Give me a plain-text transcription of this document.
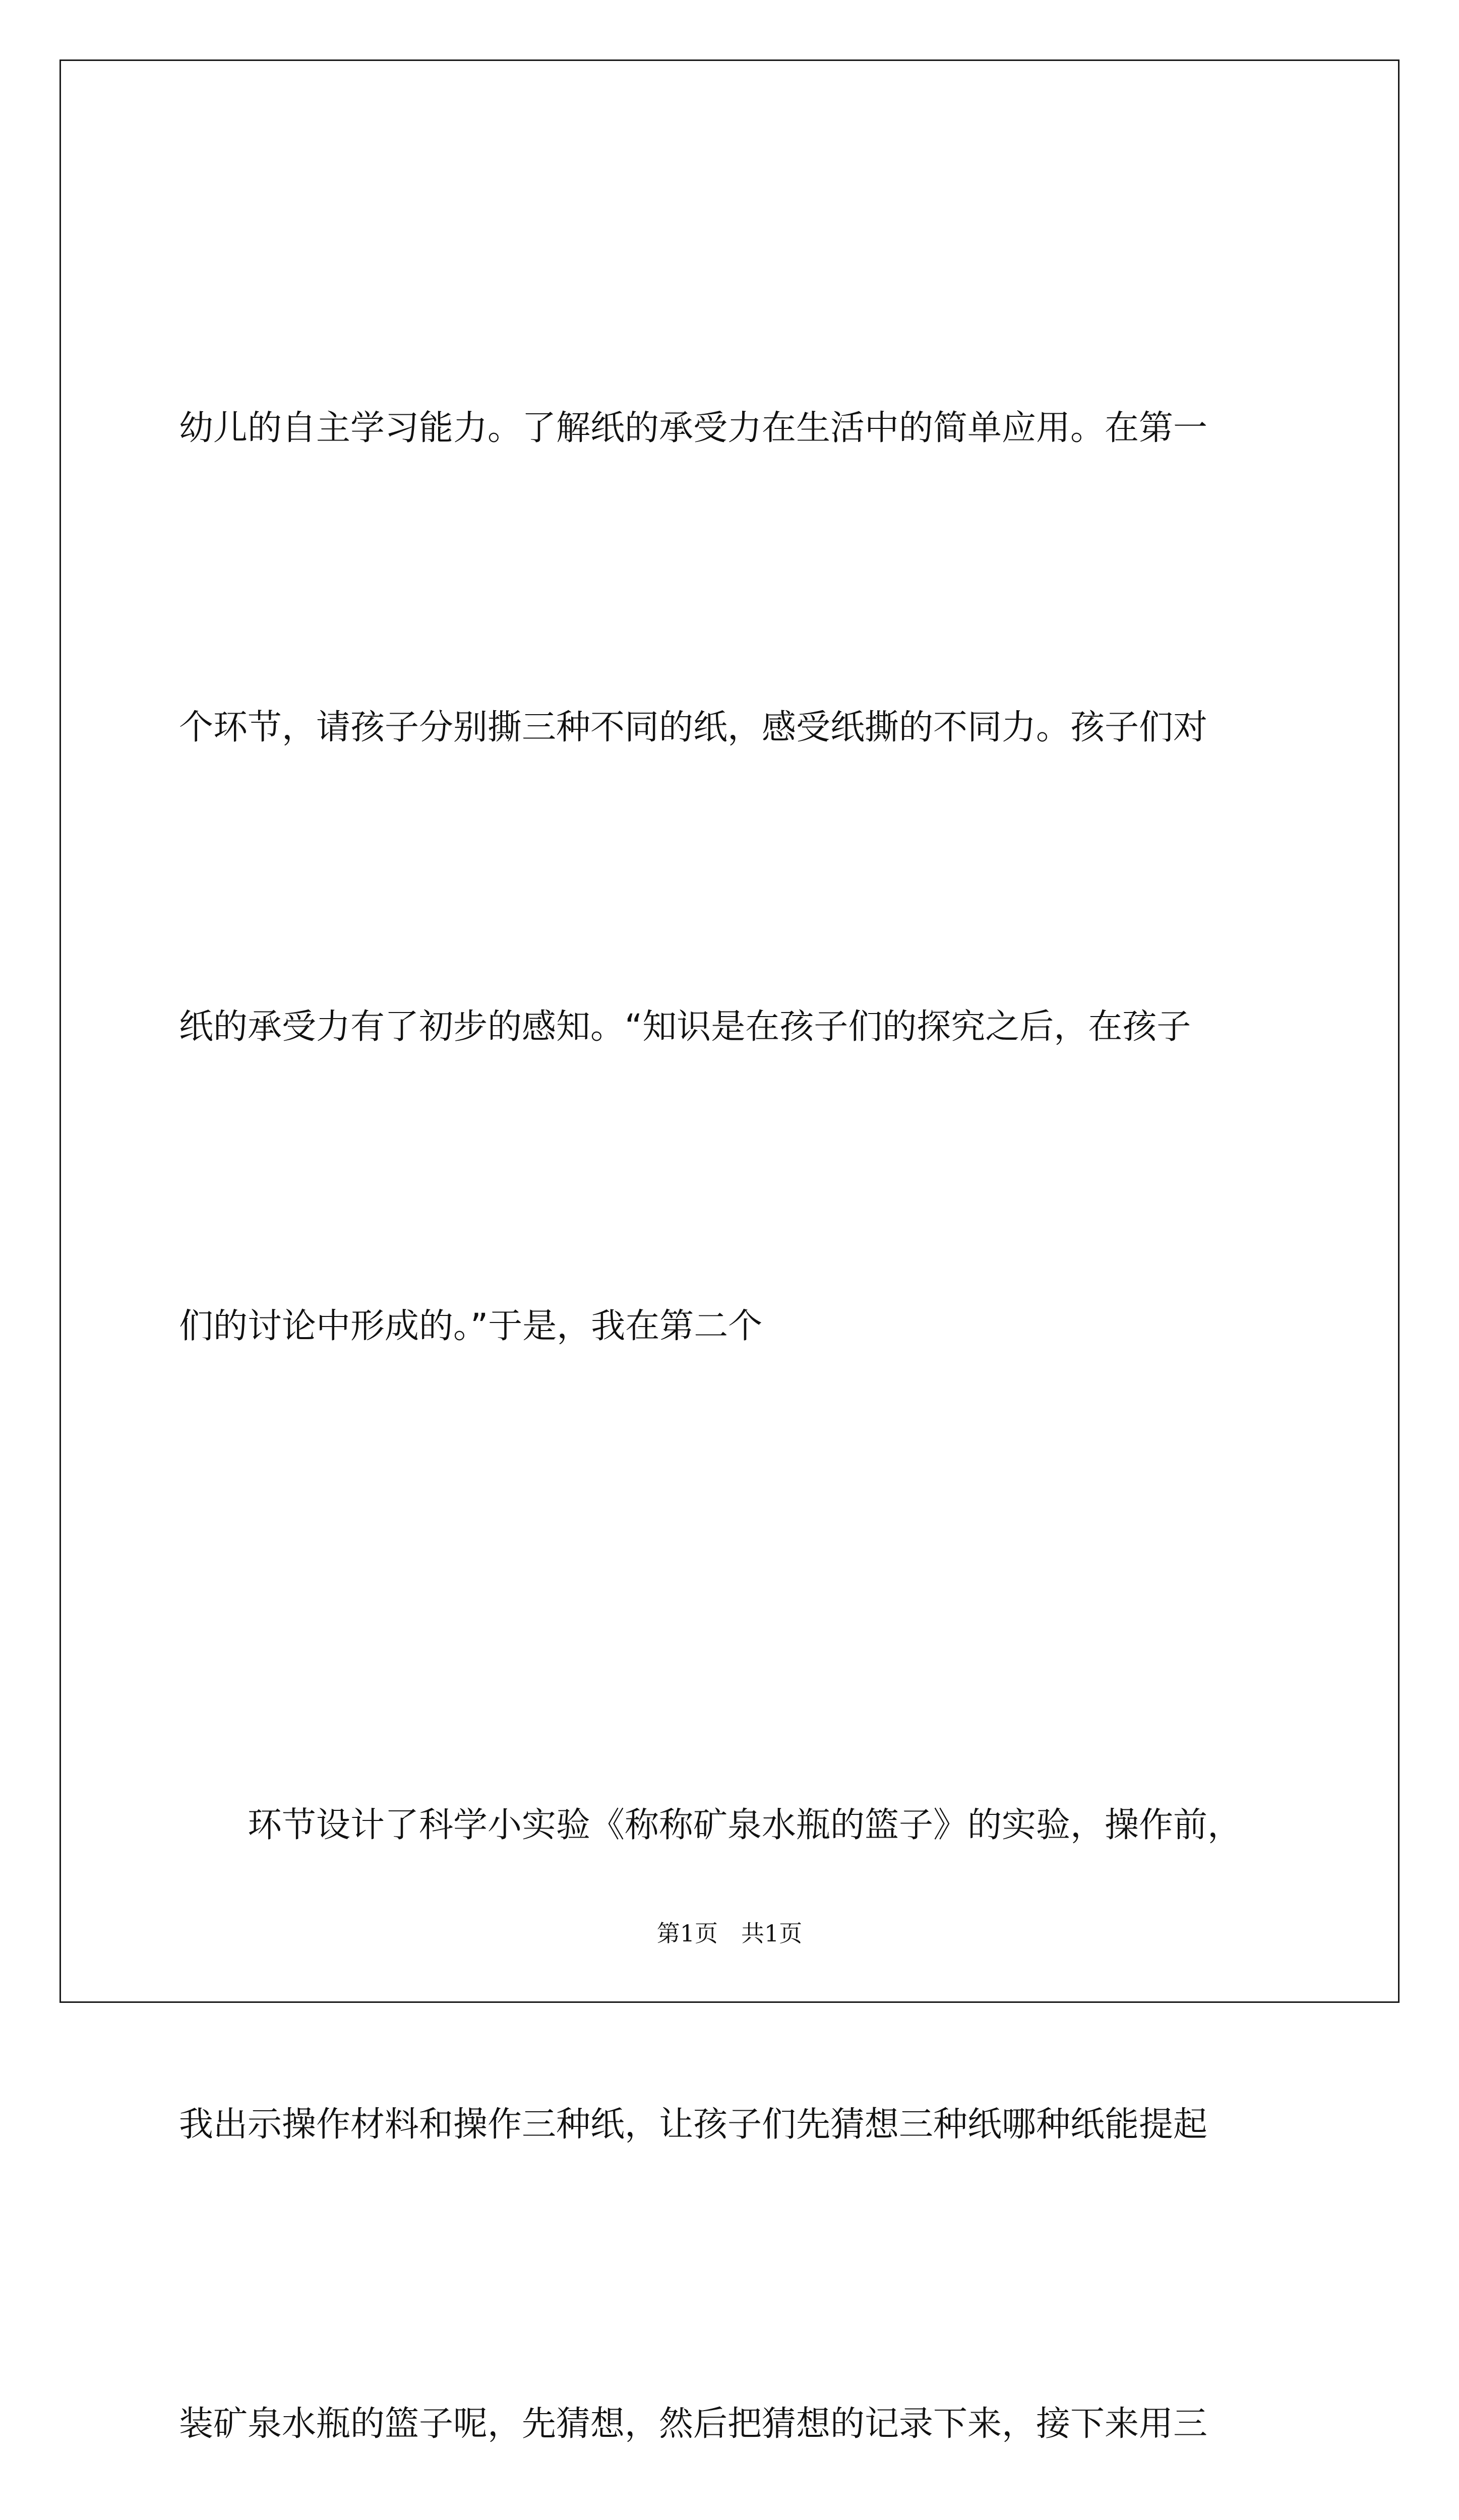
幼儿的自主学习能力。了解纸的承受力在生活中的简单应用。在第一

个环节，请孩子分别撕三种不同的纸，感受纸撕的不同力。孩子们对

纸的承受力有了初步的感知。“知识是在孩子们的探究之后，在孩子

们的讨论中形成的。”于是，我在第二个

环节设计了科学小实验《称称矿泉水瓶的篮子》的实验，操作前，

我出示操作材料和操作三种纸，让孩子们先猜想三种纸哪种纸能提起

装矿泉水瓶的篮子呢，先猜想，然后把猜想的记录下来，接下来用三

第1页　共1页
